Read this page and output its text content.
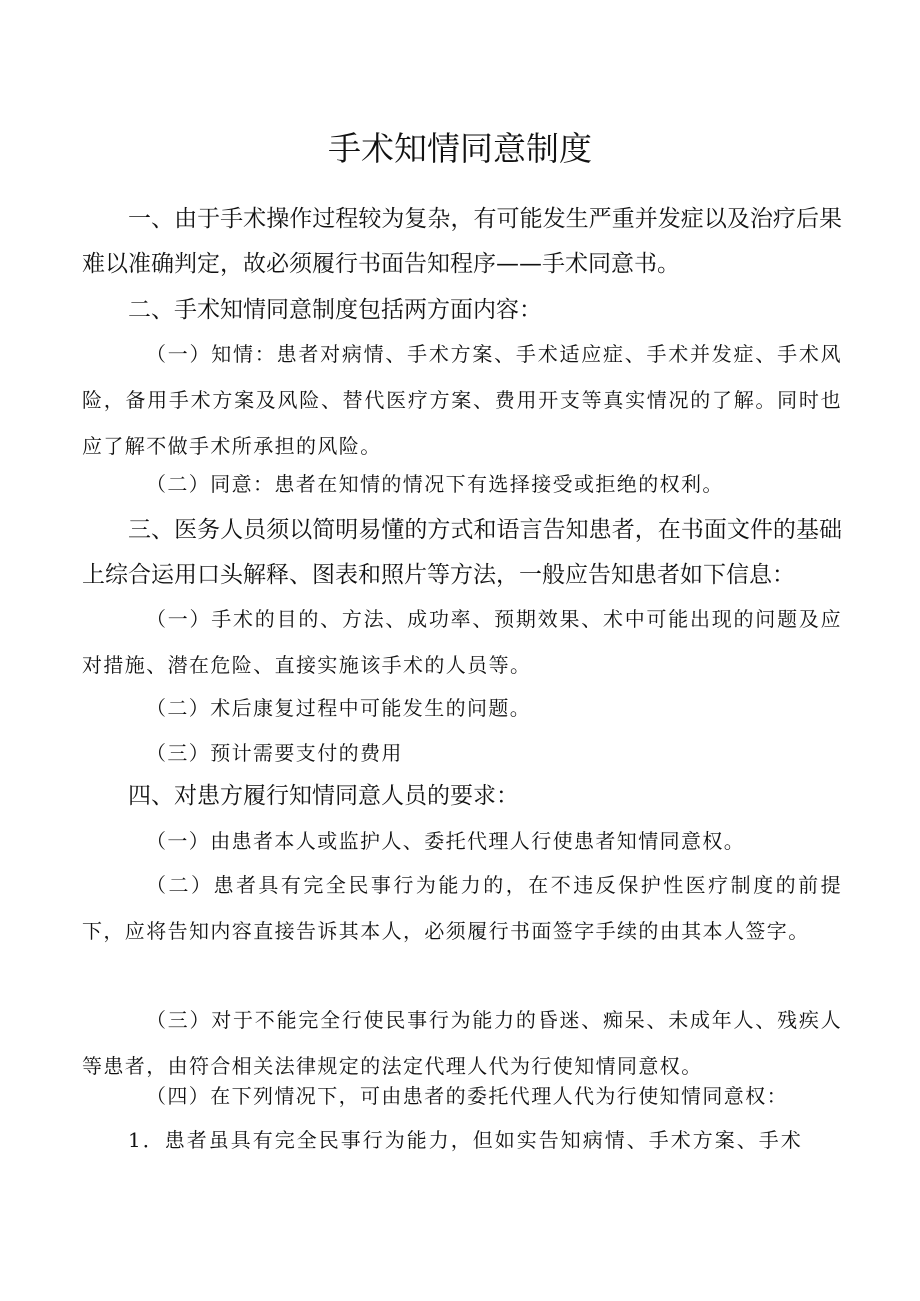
手术知情同意制度

一、由于手术操作过程较为复杂，有可能发生严重并发症以及治疗后果难以准确判定，故必须履行书面告知程序——手术同意书。

二、手术知情同意制度包括两方面内容：

（一）知情：患者对病情、手术方案、手术适应症、手术并发症、手术风险，备用手术方案及风险、替代医疗方案、费用开支等真实情况的了解。同时也应了解不做手术所承担的风险。

（二）同意：患者在知情的情况下有选择接受或拒绝的权利。

三、医务人员须以简明易懂的方式和语言告知患者，在书面文件的基础上综合运用口头解释、图表和照片等方法，一般应告知患者如下信息：

（一）手术的目的、方法、成功率、预期效果、术中可能出现的问题及应对措施、潜在危险、直接实施该手术的人员等。

（二）术后康复过程中可能发生的问题。

（三）预计需要支付的费用

四、对患方履行知情同意人员的要求：

（一）由患者本人或监护人、委托代理人行使患者知情同意权。

（二）患者具有完全民事行为能力的，在不违反保护性医疗制度的前提下，应将告知内容直接告诉其本人，必须履行书面签字手续的由其本人签字。

（三）对于不能完全行使民事行为能力的昏迷、痴呆、未成年人、残疾人等患者，由符合相关法律规定的法定代理人代为行使知情同意权。

（四）在下列情况下，可由患者的委托代理人代为行使知情同意权：

1．患者虽具有完全民事行为能力，但如实告知病情、手术方案、手术
